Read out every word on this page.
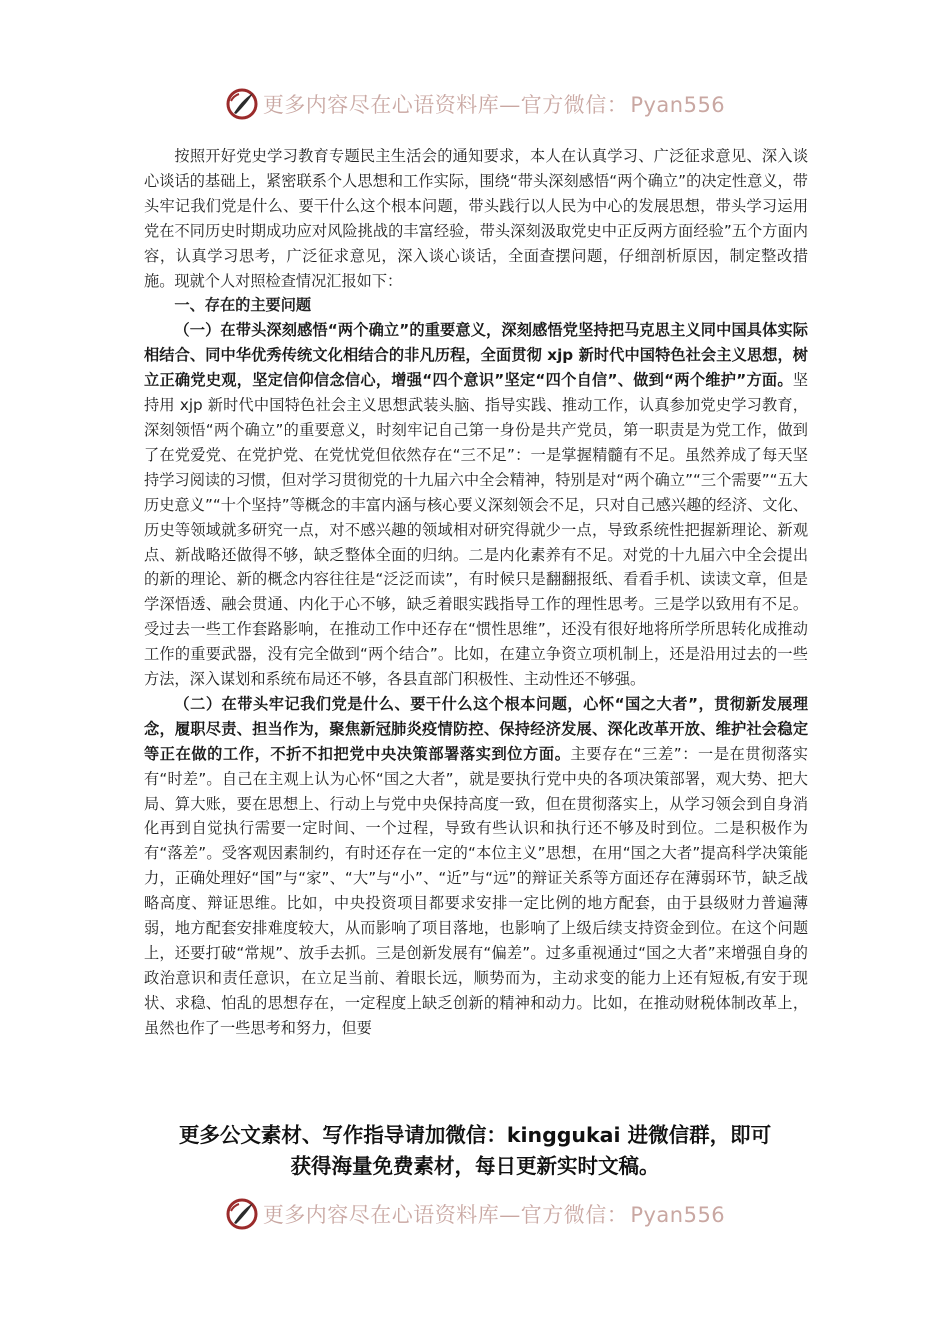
更多内容尽在心语资料库—官方微信：Pyan556

按照开好党史学习教育专题民主生活会的通知要求，本人在认真学习、广泛征求意见、深入谈心谈话的基础上，紧密联系个人思想和工作实际，围绕“带头深刻感悟“两个确立”的决定性意义，带头牢记我们党是什么、要干什么这个根本问题，带头践行以人民为中心的发展思想，带头学习运用党在不同历史时期成功应对风险挑战的丰富经验，带头深刻汲取党史中正反两方面经验”五个方面内容，认真学习思考，广泛征求意见，深入谈心谈话，全面查摆问题，仔细剖析原因，制定整改措施。现就个人对照检查情况汇报如下：

一、存在的主要问题

（一）在带头深刻感悟“两个确立”的重要意义，深刻感悟党坚持把马克思主义同中国具体实际相结合、同中华优秀传统文化相结合的非凡历程，全面贯彻 xjp 新时代中国特色社会主义思想，树立正确党史观，坚定信仰信念信心，增强“四个意识”坚定“四个自信”、做到“两个维护”方面。坚持用 xjp 新时代中国特色社会主义思想武装头脑、指导实践、推动工作，认真参加党史学习教育，深刻领悟“两个确立”的重要意义，时刻牢记自己第一身份是共产党员，第一职责是为党工作，做到了在党爱党、在党护党、在党忧党但依然存在“三不足”：一是掌握精髓有不足。虽然养成了每天坚持学习阅读的习惯，但对学习贯彻党的十九届六中全会精神，特别是对“两个确立”“三个需要”“五大历史意义”“十个坚持”等概念的丰富内涵与核心要义深刻领会不足，只对自己感兴趣的经济、文化、历史等领域就多研究一点，对不感兴趣的领域相对研究得就少一点，导致系统性把握新理论、新观点、新战略还做得不够，缺乏整体全面的归纳。二是内化素养有不足。对党的十九届六中全会提出的新的理论、新的概念内容往往是“泛泛而读”，有时候只是翻翻报纸、看看手机、读读文章，但是学深悟透、融会贯通、内化于心不够，缺乏着眼实践指导工作的理性思考。三是学以致用有不足。受过去一些工作套路影响，在推动工作中还存在“惯性思维”，还没有很好地将所学所思转化成推动工作的重要武器，没有完全做到“两个结合”。比如，在建立争资立项机制上，还是沿用过去的一些方法，深入谋划和系统布局还不够，各县直部门积极性、主动性还不够强。

（二）在带头牢记我们党是什么、要干什么这个根本问题，心怀“国之大者”，贯彻新发展理念，履职尽责、担当作为，聚焦新冠肺炎疫情防控、保持经济发展、深化改革开放、维护社会稳定等正在做的工作，不折不扣把党中央决策部署落实到位方面。主要存在“三差”：一是在贯彻落实有“时差”。自己在主观上认为心怀“国之大者”，就是要执行党中央的各项决策部署，观大势、把大局、算大账，要在思想上、行动上与党中央保持高度一致，但在贯彻落实上，从学习领会到自身消化再到自觉执行需要一定时间、一个过程，导致有些认识和执行还不够及时到位。二是积极作为有“落差”。受客观因素制约，有时还存在一定的“本位主义”思想，在用“国之大者”提高科学决策能力，正确处理好“国”与“家”、“大”与“小”、“近”与“远”的辩证关系等方面还存在薄弱环节，缺乏战略高度、辩证思维。比如，中央投资项目都要求安排一定比例的地方配套，由于县级财力普遍薄弱，地方配套安排难度较大，从而影响了项目落地，也影响了上级后续支持资金到位。在这个问题上，还要打破“常规”、放手去抓。三是创新发展有“偏差”。过多重视通过“国之大者”来增强自身的政治意识和责任意识，在立足当前、着眼长远，顺势而为，主动求变的能力上还有短板,有安于现状、求稳、怕乱的思想存在，一定程度上缺乏创新的精神和动力。比如，在推动财税体制改革上，虽然也作了一些思考和努力，但要

更多公文素材、写作指导请加微信：kinggukai 进微信群，即可
获得海量免费素材，每日更新实时文稿。
更多内容尽在心语资料库—官方微信：Pyan556
